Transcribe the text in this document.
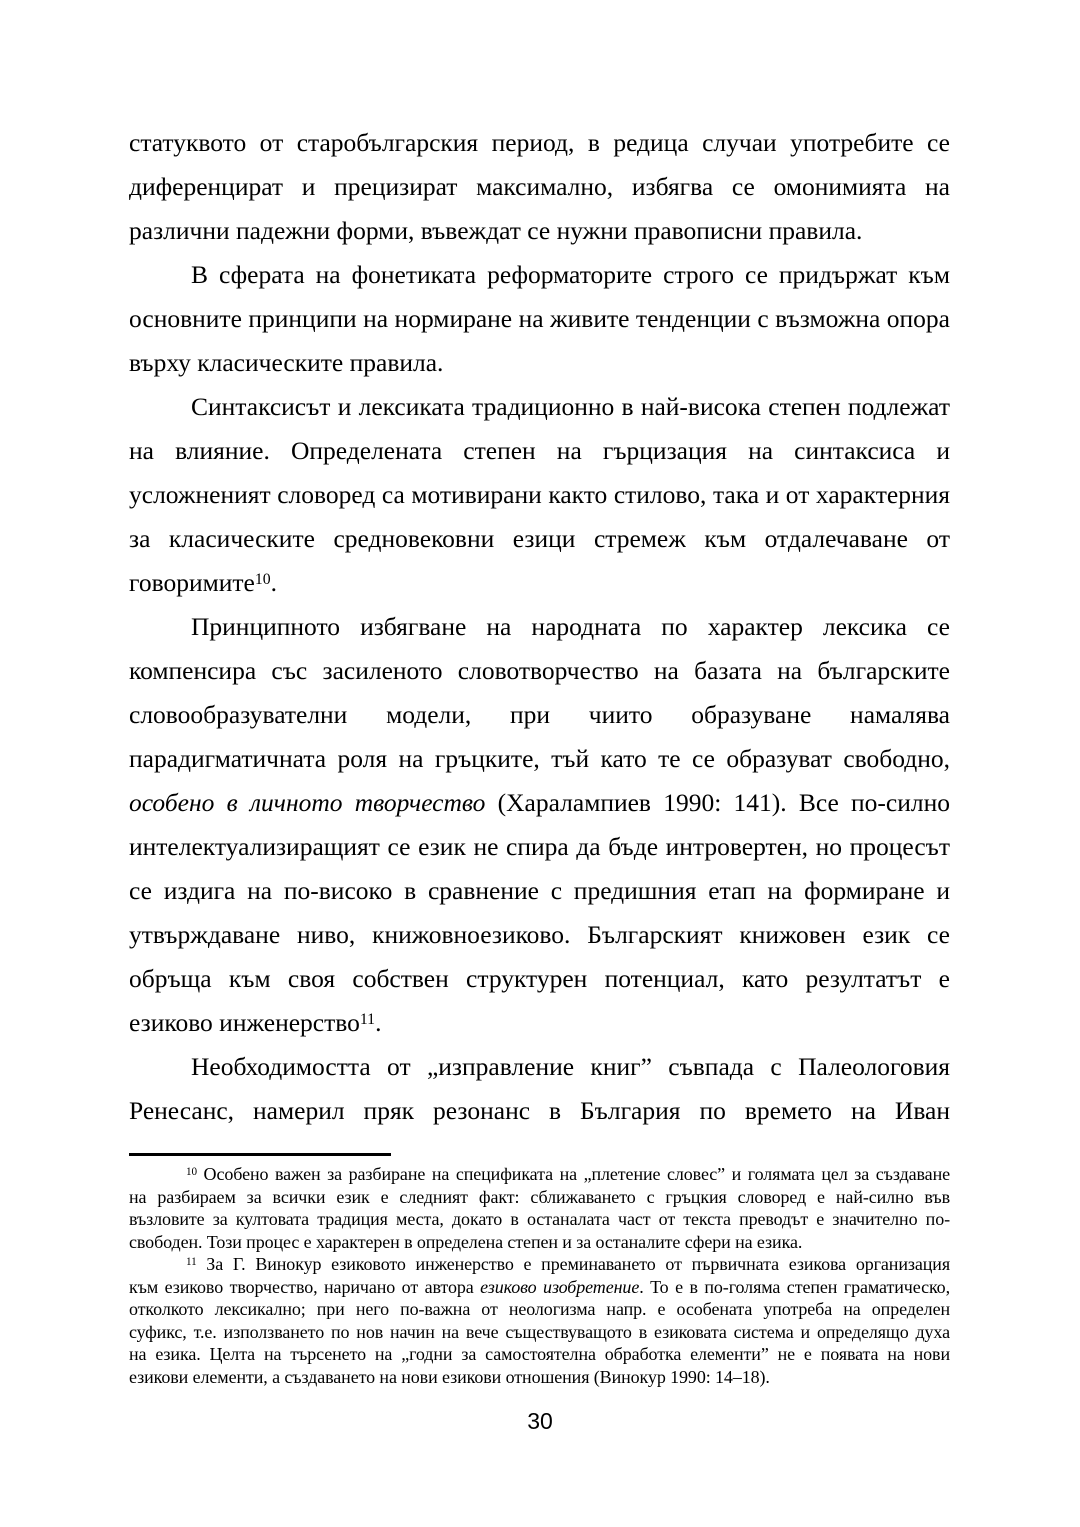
статуквото от старобългарския период, в редица случаи употребите се
диференцират и прецизират максимално, избягва се омонимията на
различни падежни форми, въвеждат се нужни правописни правила.
В сферата на фонетиката реформаторите строго се придържат към
основните принципи на нормиране на живите тенденции с възможна опора
върху класическите правила.
Синтаксисът и лексиката традиционно в най-висока степен подлежат
на влияние. Определената степен на гърцизация на синтаксиса и
усложненият словоред са мотивирани както стилово, така и от характерния
за класическите средновековни езици стремеж към отдалечаване от
говоримите$^{10}$.
Принципното избягване на народната по характер лексика се
компенсира със засиленото словотворчество на базата на българските
словообразувателни модели, при чиито образуване намалява
парадигматичната роля на гръцките, тъй като те се образуват свободно,
особено в личното творчество (Харалампиев 1990: 141). Все по-силно
интелектуализиращият се език не спира да бъде интровертен, но процесът
се издига на по-високо в сравнение с предишния етап на формиране и
утвърждаване ниво, книжовноезиково. Българският книжовен език се
обръща към своя собствен структурен потенциал, като резултатът е
езиково инженерство$^{11}$.
Необходимостта от „изправление книг” съвпада с Палеологовия
Ренесанс, намерил пряк резонанс в България по времето на Иван
$^{10}$ Особено важен за разбиране на спецификата на „плетение словес” и голямата цел за създаване
на разбираем за всички език е следният факт: сближаването с гръцкия словоред е най-силно във
възловите за култовата традиция места, докато в останалата част от текста преводът е значително по-
свободен. Този процес е характерен в определена степен и за останалите сфери на езика.
$^{11}$ За Г. Винокур езиковото инженерство е преминаването от първичната езикова организация
към езиково творчество, наричано от автора езиково изобретение. То е в по-голяма степен граматическо,
отколкото лексикално; при него по-важна от неологизма напр. е особената употреба на определен
суфикс, т.е. използването по нов начин на вече съществуващото в езиковата система и определящо духа
на езика. Целта на търсенето на „годни за самостоятелна обработка елементи” не е появата на нови
езикови елементи, а създаването на нови езикови отношения (Винокур 1990: 14–18).
30
